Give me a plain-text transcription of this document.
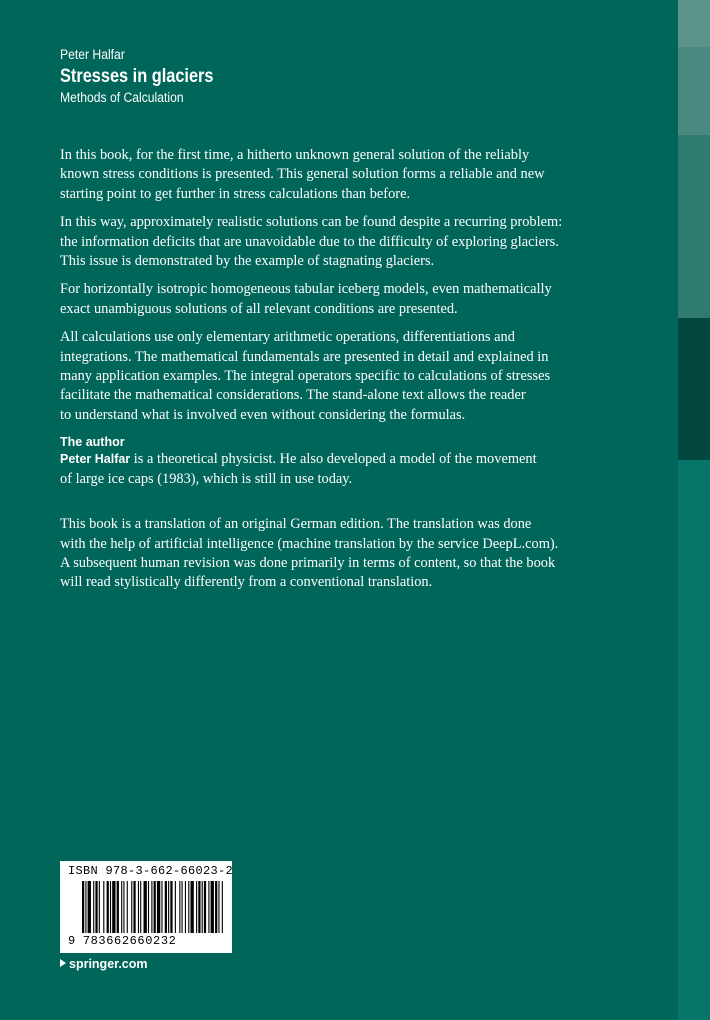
Peter Halfar
Stresses in glaciers
Methods of Calculation
In this book, for the first time, a hitherto unknown general solution of the reliably
known stress conditions is presented. This general solution forms a reliable and new
starting point to get further in stress calculations than before.
In this way, approximately realistic solutions can be found despite a recurring problem:
the information deficits that are unavoidable due to the difficulty of exploring glaciers.
This issue is demonstrated by the example of stagnating glaciers.
For horizontally isotropic homogeneous tabular iceberg models, even mathematically
exact unambiguous solutions of all relevant conditions are presented.
All calculations use only elementary arithmetic operations, differentiations and
integrations. The mathematical fundamentals are presented in detail and explained in
many application examples. The integral operators specific to calculations of stresses
facilitate the mathematical considerations. The stand-alone text allows the reader
to understand what is involved even without considering the formulas.
The author
Peter Halfar is a theoretical physicist. He also developed a model of the movement
of large ice caps (1983), which is still in use today.
This book is a translation of an original German edition. The translation was done
with the help of artificial intelligence (machine translation by the service DeepL.com).
A subsequent human revision was done primarily in terms of content, so that the book
will read stylistically differently from a conventional translation.
ISBN 978-3-662-66023-2
9 783662660232
springer.com
